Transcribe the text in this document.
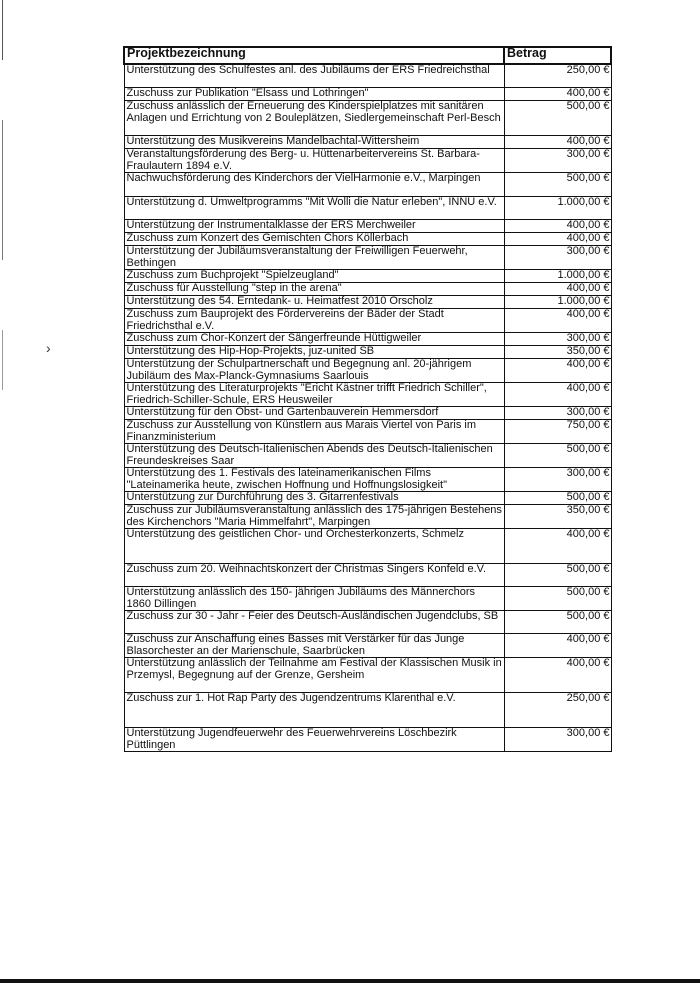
›
Projektbezeichnung	Betrag
Unterstützung des Schulfestes anl. des Jubiläums der ERS Friedreichsthal	250,00 €
Zuschuss zur Publikation "Elsass und Lothringen"	400,00 €
Zuschuss anlässlich der Erneuerung des Kinderspielplatzes mit sanitären Anlagen und Errichtung von 2 Bouleplätzen, Siedlergemeinschaft Perl-Besch	500,00 €
Unterstützung des Musikvereins Mandelbachtal-Wittersheim	400,00 €
Veranstaltungsförderung des Berg- u. Hüttenarbeitervereins St. Barbara-Fraulautern 1894 e.V.	300,00 €
Nachwuchsförderung des Kinderchors der VielHarmonie e.V., Marpingen	500,00 €
Unterstützung d. Umweltprogramms "Mit Wolli die Natur erleben", INNU e.V.	1.000,00 €
Unterstützung der Instrumentalklasse der ERS Merchweiler	400,00 €
Zuschuss zum Konzert des Gemischten Chors Köllerbach	400,00 €
Unterstützung der Jubiläumsveranstaltung der Freiwilligen Feuerwehr, Bethingen	300,00 €
Zuschuss zum Buchprojekt "Spielzeugland"	1.000,00 €
Zuschuss für Ausstellung "step in the arena"	400,00 €
Unterstützung des 54. Erntedank- u. Heimatfest 2010 Orscholz	1.000,00 €
Zuschuss zum Bauprojekt des Fördervereins der Bäder der Stadt Friedrichsthal e.V.	400,00 €
Zuschuss zum Chor-Konzert der Sängerfreunde Hüttigweiler	300,00 €
Unterstützung des Hip-Hop-Projekts, juz-united SB	350,00 €
Unterstützung der Schulpartnerschaft und Begegnung anl. 20-jährigem Jubiläum des Max-Planck-Gymnasiums Saarlouis	400,00 €
Unterstützung des Literaturprojekts "Ericht Kästner trifft Friedrich Schiller", Friedrich-Schiller-Schule, ERS Heusweiler	400,00 €
Unterstützung für den Obst- und Gartenbauverein Hemmersdorf	300,00 €
Zuschuss zur Ausstellung von Künstlern aus Marais Viertel von Paris im Finanzministerium	750,00 €
Unterstützung des Deutsch-Italienischen Abends des Deutsch-Italienischen Freundeskreises Saar	500,00 €
Unterstützung des 1. Festivals des lateinamerikanischen Films "Lateinamerika heute, zwischen Hoffnung und Hoffnungslosigkeit"	300,00 €
Unterstützung zur Durchführung des 3. Gitarrenfestivals	500,00 €
Zuschuss zur Jubiläumsveranstaltung anlässlich des 175-jährigen Bestehens des Kirchenchors "Maria Himmelfahrt", Marpingen	350,00 €
Unterstützung des geistlichen Chor- und Orchesterkonzerts, Schmelz	400,00 €
Zuschuss zum 20. Weihnachtskonzert der Christmas Singers Konfeld e.V.	500,00 €
Unterstützung anlässlich des 150- jährigen Jubiläums des Männerchors 1860 Dillingen	500,00 €
Zuschuss zur 30 - Jahr - Feier des Deutsch-Ausländischen Jugendclubs, SB	500,00 €
Zuschuss zur Anschaffung eines Basses mit Verstärker für das Junge Blasorchester an der Marienschule, Saarbrücken	400,00 €
Unterstützung anlässlich der Teilnahme am Festival der Klassischen Musik in Przemysl, Begegnung auf der Grenze, Gersheim	400,00 €
Zuschuss zur 1. Hot Rap Party des Jugendzentrums Klarenthal e.V.	250,00 €
Unterstützung Jugendfeuerwehr des Feuerwehrvereins Löschbezirk Püttlingen	300,00 €
